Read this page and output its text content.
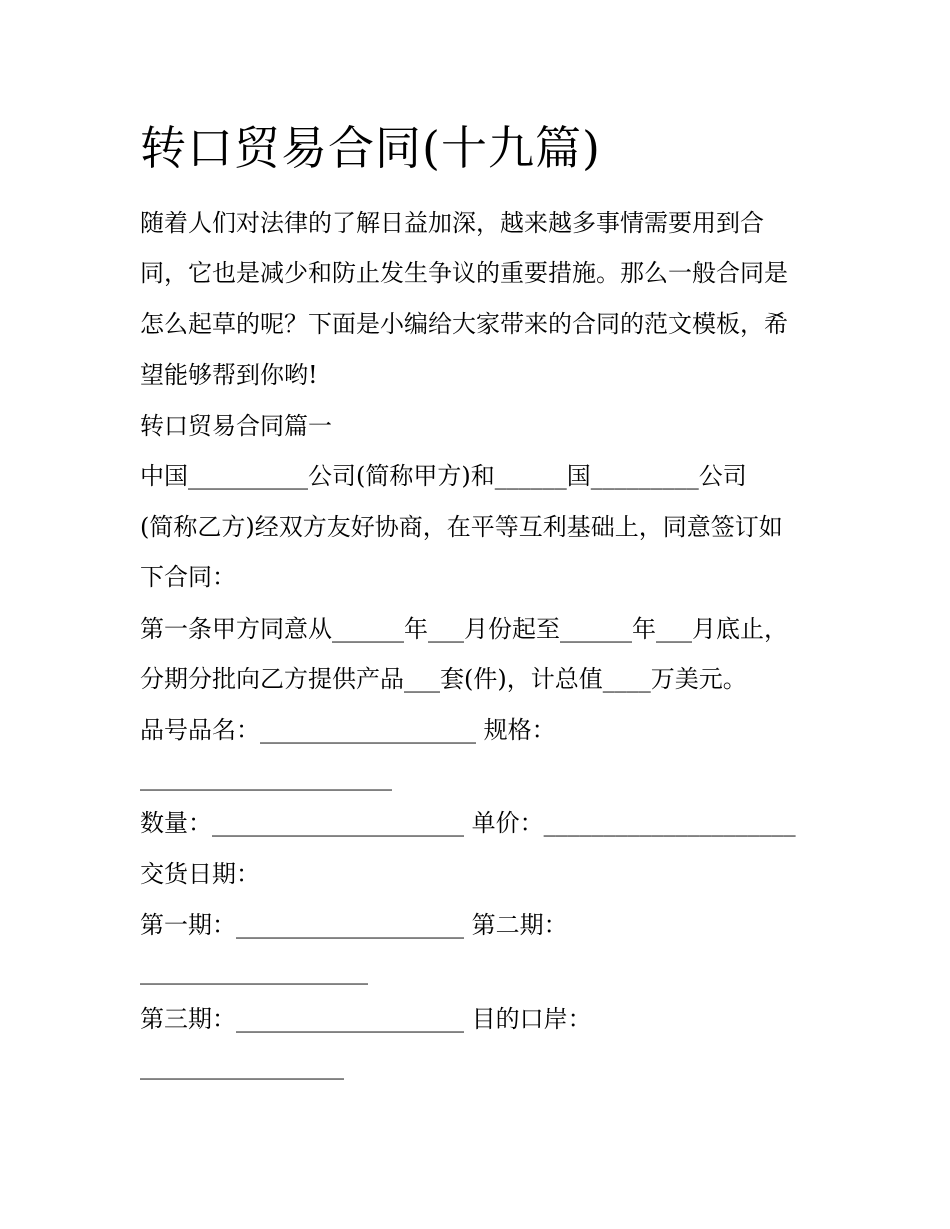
转口贸易合同(十九篇)
随着人们对法律的了解日益加深，越来越多事情需要用到合
同，它也是减少和防止发生争议的重要措施。那么一般合同是
怎么起草的呢？下面是小编给大家带来的合同的范文模板，希
望能够帮到你哟!
转口贸易合同篇一
中国__________公司(简称甲方)和______国_________公司
(简称乙方)经双方友好协商，在平等互利基础上，同意签订如
下合同：
第一条甲方同意从______年___月份起至______年___月底止，
分期分批向乙方提供产品___套(件)，计总值____万美元。
品号品名：__________________ 规格：
_____________________
数量：_____________________ 单价：_____________________
交货日期：
第一期：___________________ 第二期：
___________________
第三期：___________________ 目的口岸：
_________________
